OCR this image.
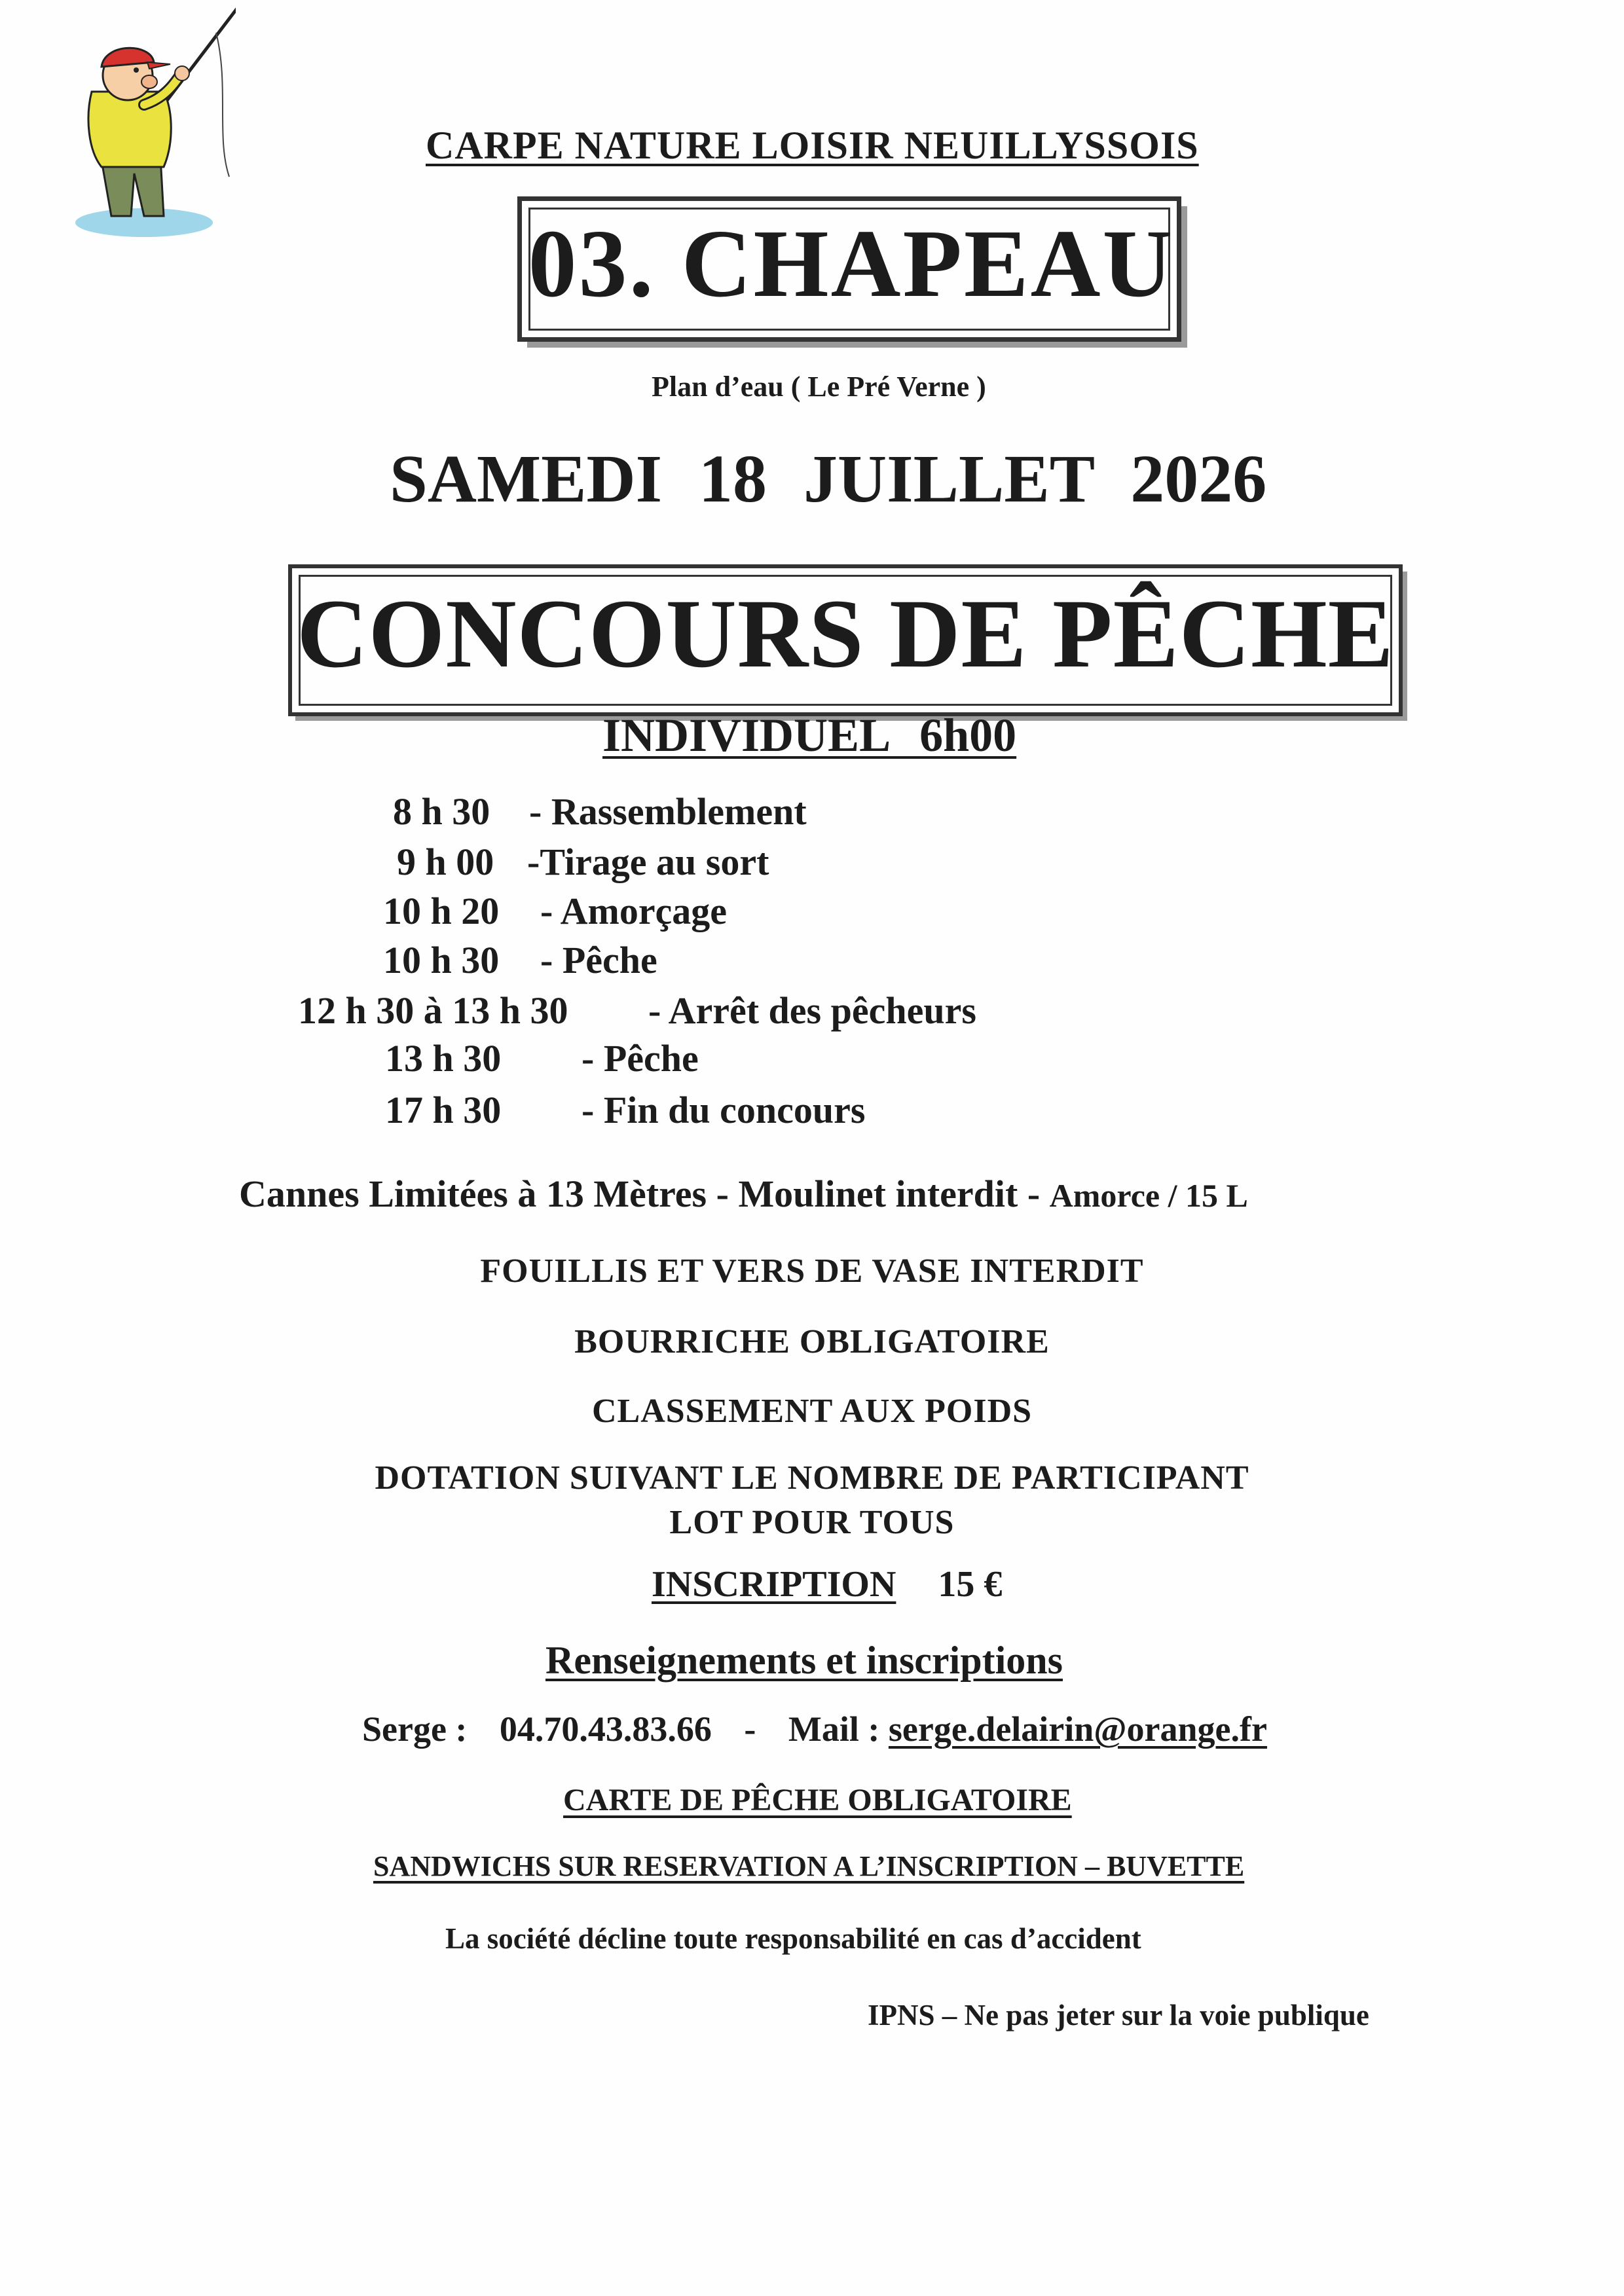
CARPE NATURE LOISIR NEUILLYSSOIS
03. CHAPEAU
Plan d’eau ( Le Pré Verne )
SAMEDI 18 JUILLET 2026
CONCOURS DE PÊCHE
INDIVIDUEL 6h00
8 h 30 - Rassemblement
9 h 00 -Tirage au sort
10 h 20 - Amorçage
10 h 30 - Pêche
12 h 30 à 13 h 30 - Arrêt des pêcheurs
13 h 30 - Pêche
17 h 30 - Fin du concours
Cannes Limitées à 13 Mètres - Moulinet interdit - Amorce / 15 L
FOUILLIS ET VERS DE VASE INTERDIT
BOURRICHE OBLIGATOIRE
CLASSEMENT AUX POIDS
DOTATION SUIVANT LE NOMBRE DE PARTICIPANT
LOT POUR TOUS
INSCRIPTION 15 €
Renseignements et inscriptions
Serge : 04.70.43.83.66 - Mail : serge.delairin@orange.fr
CARTE DE PÊCHE OBLIGATOIRE
SANDWICHS SUR RESERVATION A L’INSCRIPTION – BUVETTE
La société décline toute responsabilité en cas d’accident
IPNS – Ne pas jeter sur la voie publique
